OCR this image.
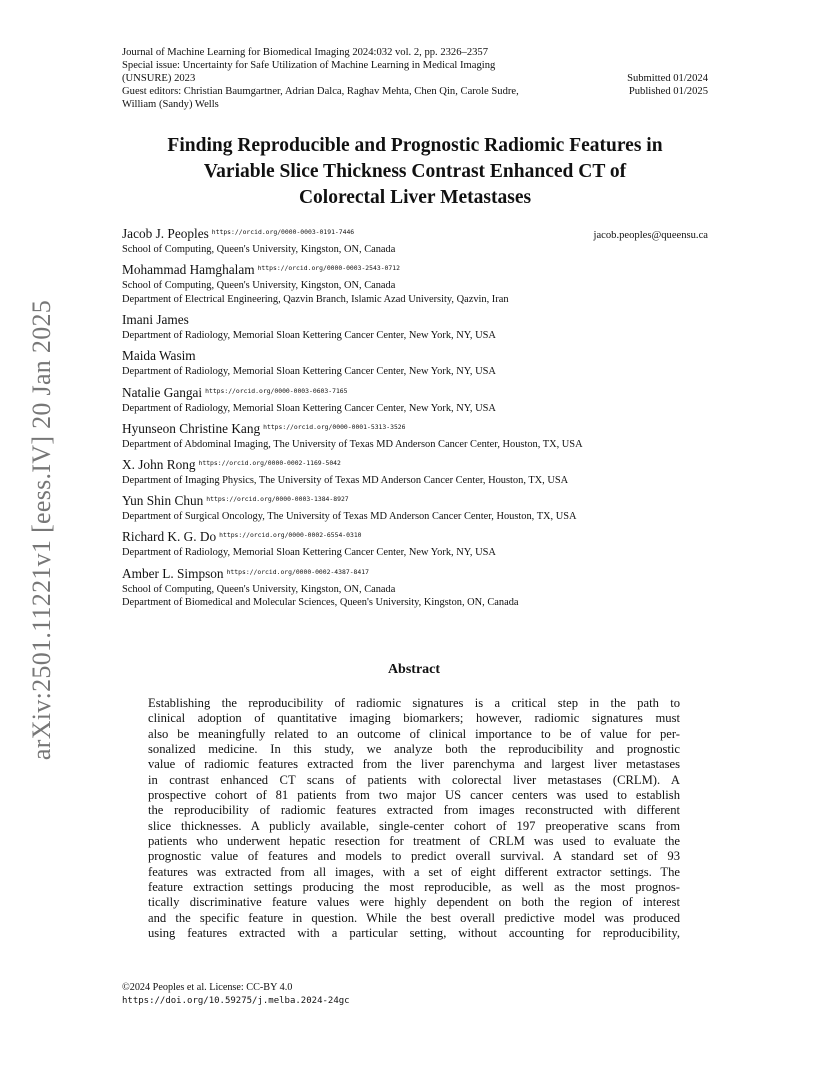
arXiv:2501.11221v1 [eess.IV] 20 Jan 2025
Journal of Machine Learning for Biomedical Imaging 2024:032 vol. 2, pp. 2326–2357
Special issue: Uncertainty for Safe Utilization of Machine Learning in Medical Imaging
(UNSURE) 2023	Submitted 01/2024
Guest editors: Christian Baumgartner, Adrian Dalca, Raghav Mehta, Chen Qin, Carole Sudre,	Published 01/2025
William (Sandy) Wells
Finding Reproducible and Prognostic Radiomic Features in
Variable Slice Thickness Contrast Enhanced CT of
Colorectal Liver Metastases
jacob.peoples@queensu.ca
Jacob J. Peoples $^{https://orcid.org/0000-0003-0191-7446}$
School of Computing, Queen's University, Kingston, ON, Canada
Mohammad Hamghalam $^{https://orcid.org/0000-0003-2543-0712}$
School of Computing, Queen's University, Kingston, ON, Canada
Department of Electrical Engineering, Qazvin Branch, Islamic Azad University, Qazvin, Iran
Imani James
Department of Radiology, Memorial Sloan Kettering Cancer Center, New York, NY, USA
Maida Wasim
Department of Radiology, Memorial Sloan Kettering Cancer Center, New York, NY, USA
Natalie Gangai $^{https://orcid.org/0000-0003-0603-7165}$
Department of Radiology, Memorial Sloan Kettering Cancer Center, New York, NY, USA
Hyunseon Christine Kang $^{https://orcid.org/0000-0001-5313-3526}$
Department of Abdominal Imaging, The University of Texas MD Anderson Cancer Center, Houston, TX, USA
X. John Rong $^{https://orcid.org/0000-0002-1169-5042}$
Department of Imaging Physics, The University of Texas MD Anderson Cancer Center, Houston, TX, USA
Yun Shin Chun $^{https://orcid.org/0000-0003-1384-8927}$
Department of Surgical Oncology, The University of Texas MD Anderson Cancer Center, Houston, TX, USA
Richard K. G. Do $^{https://orcid.org/0000-0002-6554-0310}$
Department of Radiology, Memorial Sloan Kettering Cancer Center, New York, NY, USA
Amber L. Simpson $^{https://orcid.org/0000-0002-4387-8417}$
School of Computing, Queen's University, Kingston, ON, Canada
Department of Biomedical and Molecular Sciences, Queen's University, Kingston, ON, Canada
Abstract
Establishing the reproducibility of radiomic signatures is a critical step in the path to
clinical adoption of quantitative imaging biomarkers; however, radiomic signatures must
also be meaningfully related to an outcome of clinical importance to be of value for per-
sonalized medicine. In this study, we analyze both the reproducibility and prognostic
value of radiomic features extracted from the liver parenchyma and largest liver metastases
in contrast enhanced CT scans of patients with colorectal liver metastases (CRLM). A
prospective cohort of 81 patients from two major US cancer centers was used to establish
the reproducibility of radiomic features extracted from images reconstructed with different
slice thicknesses. A publicly available, single-center cohort of 197 preoperative scans from
patients who underwent hepatic resection for treatment of CRLM was used to evaluate the
prognostic value of features and models to predict overall survival. A standard set of 93
features was extracted from all images, with a set of eight different extractor settings. The
feature extraction settings producing the most reproducible, as well as the most prognos-
tically discriminative feature values were highly dependent on both the region of interest
and the specific feature in question. While the best overall predictive model was produced
using features extracted with a particular setting, without accounting for reproducibility,
©2024 Peoples et al. License: CC-BY 4.0
https://doi.org/10.59275/j.melba.2024-24gc
